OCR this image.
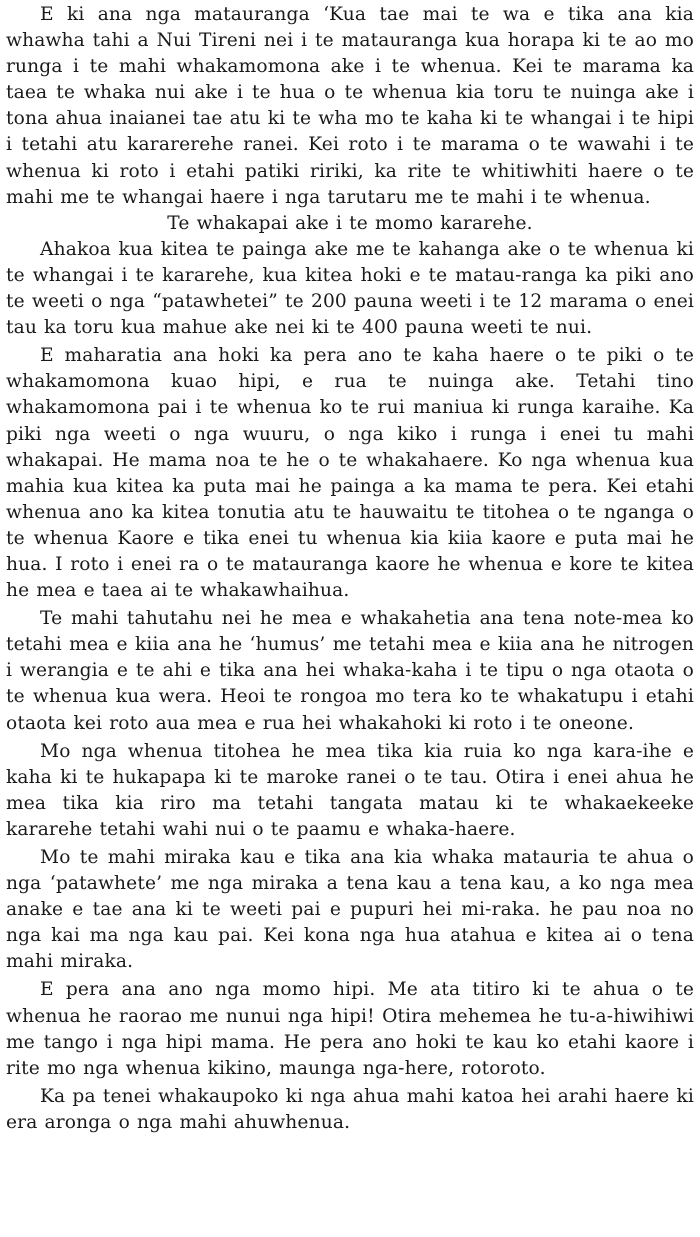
E ki ana nga matauranga ‘Kua tae mai te wa e tika ana kia whawha tahi a Nui Tireni nei i te matauranga kua horapa ki te ao mo runga i te mahi whakamomona ake i te whenua. Kei te marama ka taea te whaka nui ake i te hua o te whenua kia toru te nuinga ake i tona ahua inaianei tae atu ki te wha mo te kaha ki te whangai i te hipi i tetahi atu kararerehe ranei. Kei roto i te marama o te wawahi i te whenua ki roto i etahi patiki ririki, ka rite te whitiwhiti haere o te mahi me te whangai haere i nga tarutaru me te mahi i te whenua.

Te whakapai ake i te momo kararehe.

Ahakoa kua kitea te painga ake me te kahanga ake o te whenua ki te whangai i te kararehe, kua kitea hoki e te matau-ranga ka piki ano te weeti o nga “patawhetei” te 200 pauna weeti i te 12 marama o enei tau ka toru kua mahue ake nei ki te 400 pauna weeti te nui.

E maharatia ana hoki ka pera ano te kaha haere o te piki o te whakamomona kuao hipi, e rua te nuinga ake. Tetahi tino whakamomona pai i te whenua ko te rui maniua ki runga karaihe. Ka piki nga weeti o nga wuuru, o nga kiko i runga i enei tu mahi whakapai. He mama noa te he o te whakahaere. Ko nga whenua kua mahia kua kitea ka puta mai he painga a ka mama te pera. Kei etahi whenua ano ka kitea tonutia atu te hauwaitu te titohea o te nganga o te whenua Kaore e tika enei tu whenua kia kiia kaore e puta mai he hua. I roto i enei ra o te matauranga kaore he whenua e kore te kitea he mea e taea ai te whakawhaihua.

Te mahi tahutahu nei he mea e whakahetia ana tena note-mea ko tetahi mea e kiia ana he ‘humus’ me tetahi mea e kiia ana he nitrogen i werangia e te ahi e tika ana hei whaka-kaha i te tipu o nga otaota o te whenua kua wera. Heoi te rongoa mo tera ko te whakatupu i etahi otaota kei roto aua mea e rua hei whakahoki ki roto i te oneone.

Mo nga whenua titohea he mea tika kia ruia ko nga kara-ihe e kaha ki te hukapapa ki te maroke ranei o te tau. Otira i enei ahua he mea tika kia riro ma tetahi tangata matau ki te whakaekeeke kararehe tetahi wahi nui o te paamu e whaka-haere.

Mo te mahi miraka kau e tika ana kia whaka matauria te ahua o nga ‘patawhete’ me nga miraka a tena kau a tena kau, a ko nga mea anake e tae ana ki te weeti pai e pupuri hei mi-raka. he pau noa no nga kai ma nga kau pai. Kei kona nga hua atahua e kitea ai o tena mahi miraka.

E pera ana ano nga momo hipi. Me ata titiro ki te ahua o te whenua he raorao me nunui nga hipi! Otira mehemea he tu-a-hiwihiwi me tango i nga hipi mama. He pera ano hoki te kau ko etahi kaore i rite mo nga whenua kikino, maunga nga-here, rotoroto.

Ka pa tenei whakaupoko ki nga ahua mahi katoa hei arahi haere ki era aronga o nga mahi ahuwhenua.
